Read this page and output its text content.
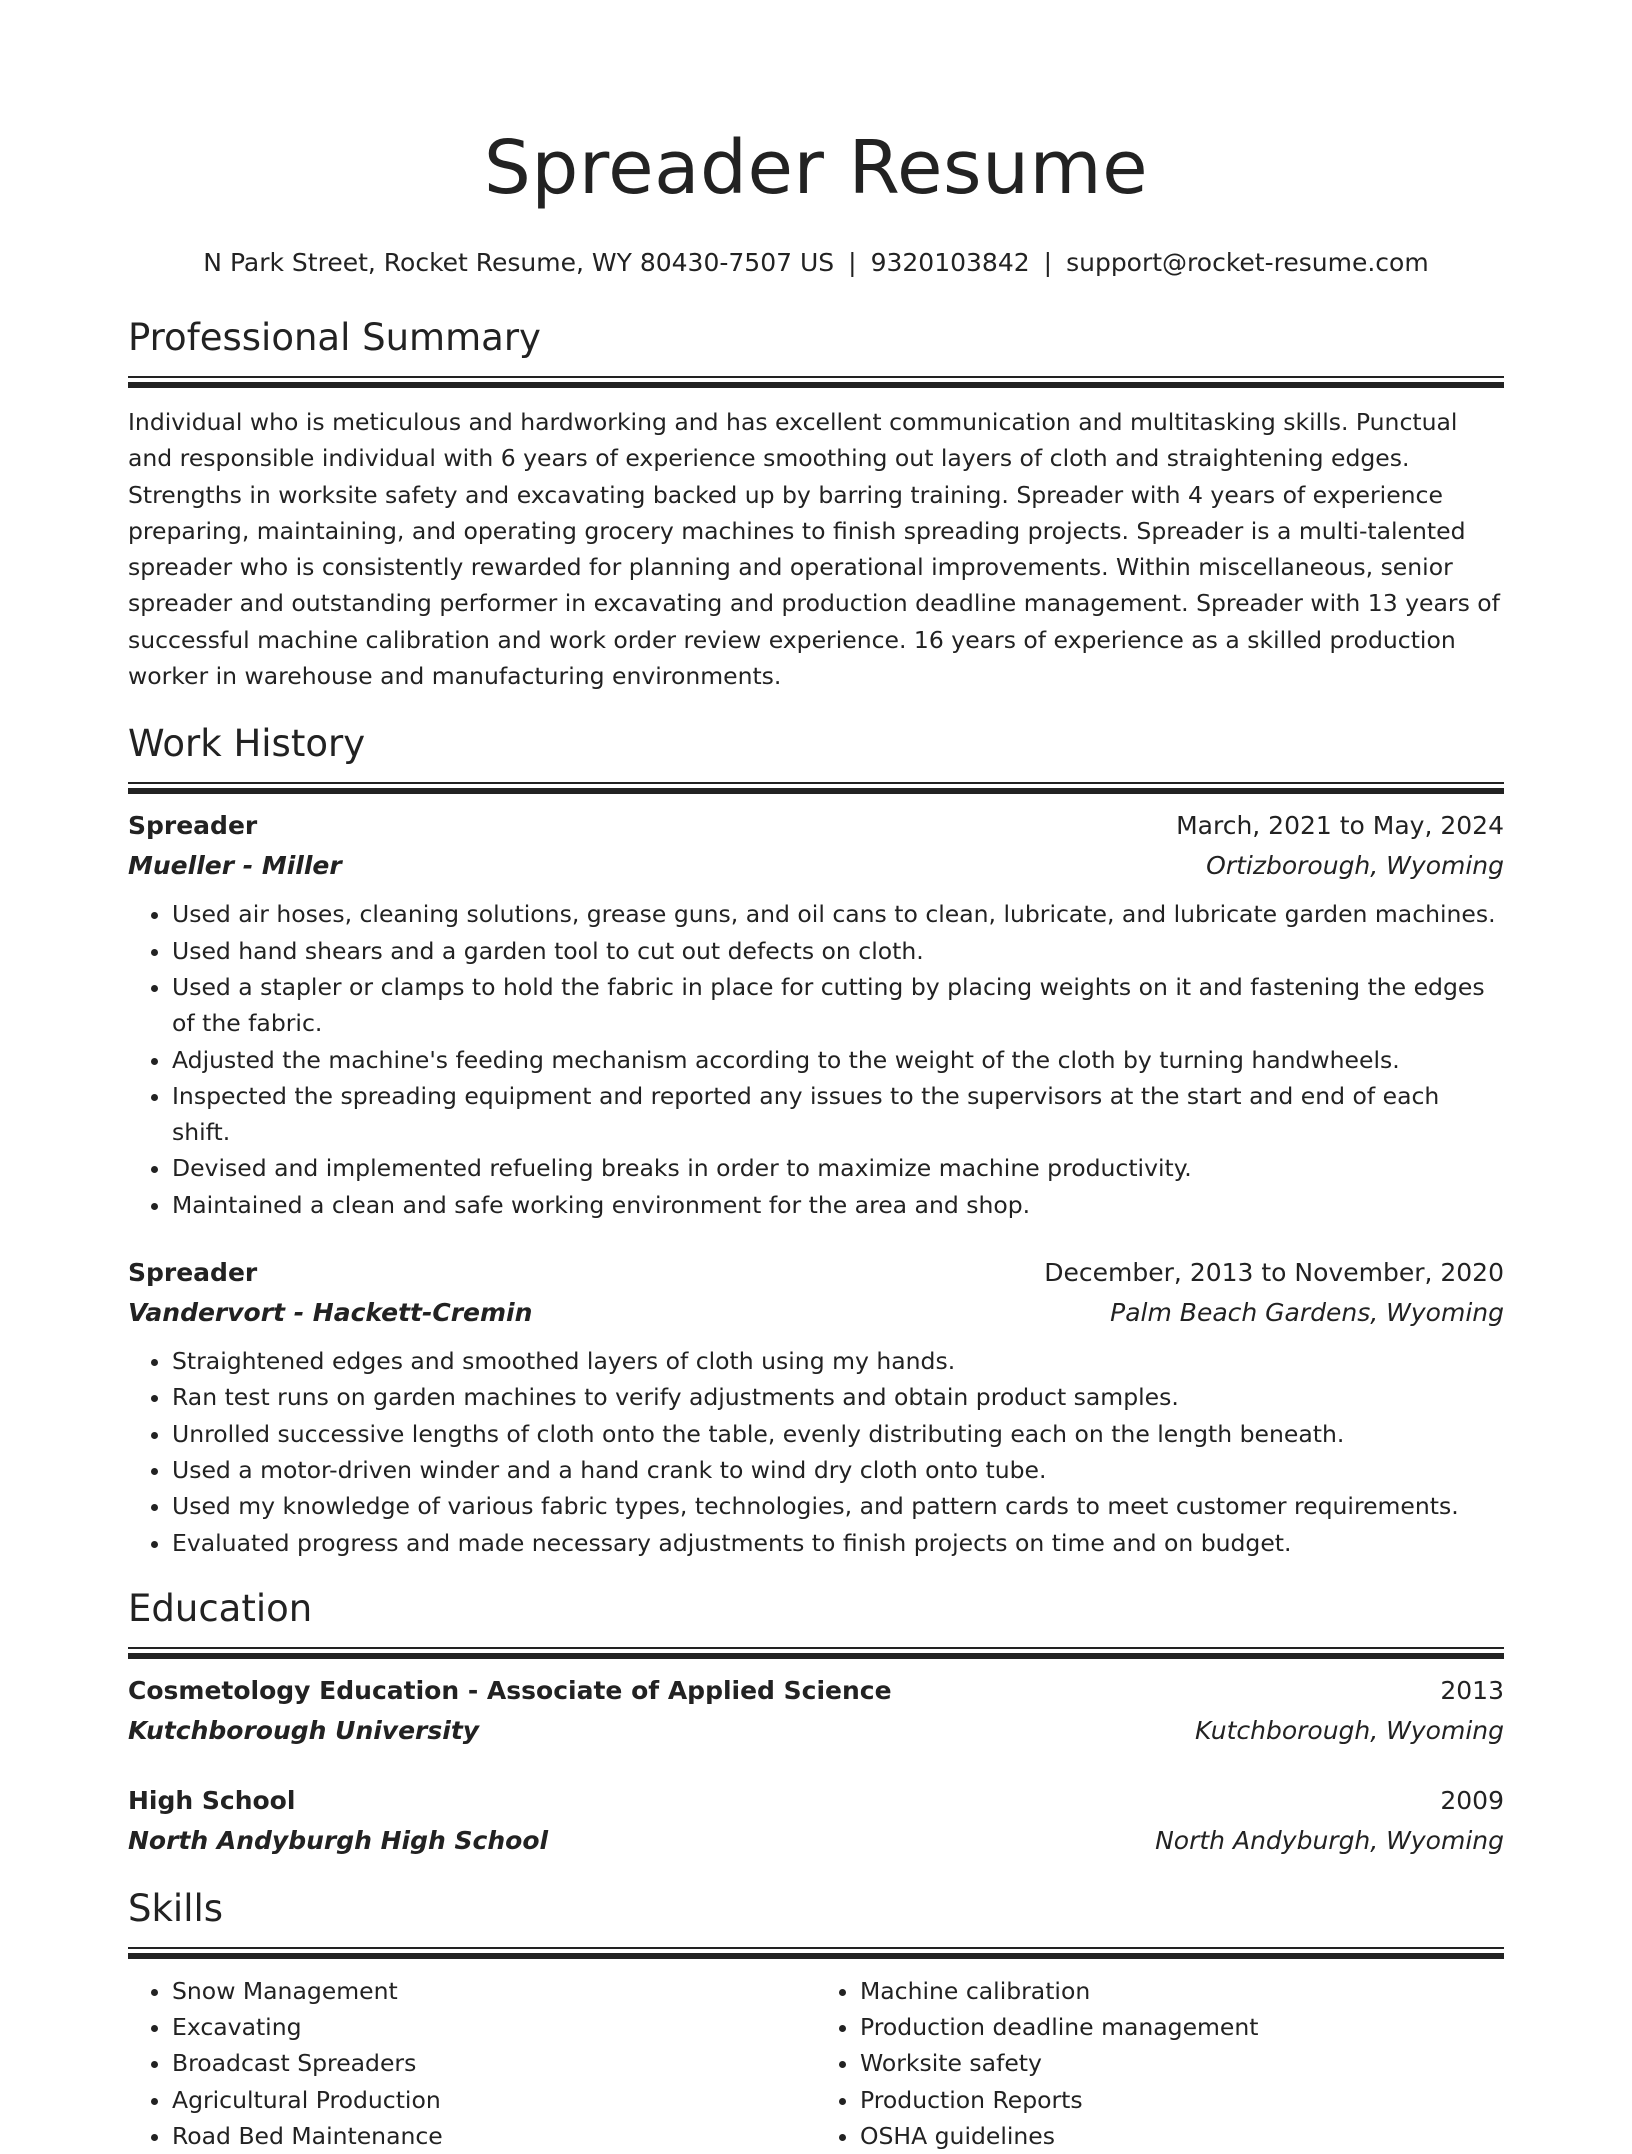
Spreader Resume
N Park Street, Rocket Resume, WY 80430-7507 US | 9320103842 | support@rocket-resume.com
Professional Summary
Individual who is meticulous and hardworking and has excellent communication and multitasking skills. Punctual and responsible individual with 6 years of experience smoothing out layers of cloth and straightening edges. Strengths in worksite safety and excavating backed up by barring training. Spreader with 4 years of experience preparing, maintaining, and operating grocery machines to finish spreading projects. Spreader is a multi-talented spreader who is consistently rewarded for planning and operational improvements. Within miscellaneous, senior spreader and outstanding performer in excavating and production deadline management. Spreader with 13 years of successful machine calibration and work order review experience. 16 years of experience as a skilled production worker in warehouse and manufacturing environments.
Work History
Spreader	March, 2021 to May, 2024
Mueller - Miller	Ortizborough, Wyoming
• Used air hoses, cleaning solutions, grease guns, and oil cans to clean, lubricate, and lubricate garden machines.
• Used hand shears and a garden tool to cut out defects on cloth.
• Used a stapler or clamps to hold the fabric in place for cutting by placing weights on it and fastening the edges of the fabric.
• Adjusted the machine's feeding mechanism according to the weight of the cloth by turning handwheels.
• Inspected the spreading equipment and reported any issues to the supervisors at the start and end of each shift.
• Devised and implemented refueling breaks in order to maximize machine productivity.
• Maintained a clean and safe working environment for the area and shop.
Spreader	December, 2013 to November, 2020
Vandervort - Hackett-Cremin	Palm Beach Gardens, Wyoming
• Straightened edges and smoothed layers of cloth using my hands.
• Ran test runs on garden machines to verify adjustments and obtain product samples.
• Unrolled successive lengths of cloth onto the table, evenly distributing each on the length beneath.
• Used a motor-driven winder and a hand crank to wind dry cloth onto tube.
• Used my knowledge of various fabric types, technologies, and pattern cards to meet customer requirements.
• Evaluated progress and made necessary adjustments to finish projects on time and on budget.
Education
Cosmetology Education - Associate of Applied Science	2013
Kutchborough University	Kutchborough, Wyoming
High School	2009
North Andyburgh High School	North Andyburgh, Wyoming
Skills
• Snow Management
• Excavating
• Broadcast Spreaders
• Agricultural Production
• Road Bed Maintenance
• Machine calibration
• Production deadline management
• Worksite safety
• Production Reports
• OSHA guidelines
